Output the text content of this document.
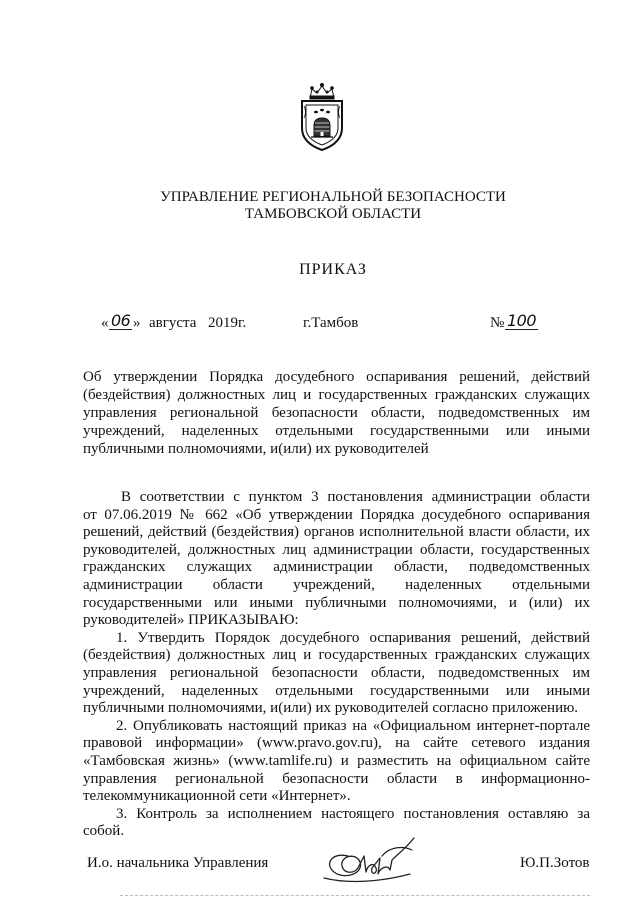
УПРАВЛЕНИЕ РЕГИОНАЛЬНОЙ БЕЗОПАСНОСТИ
ТАМБОВСКОЙ ОБЛАСТИ
ПРИКАЗ
« 06 » августа 2019г.	г.Тамбов	№ 100
Об утверждении Порядка досудебного оспаривания решений, действий
(бездействия) должностных лиц и государственных гражданских служащих
управления региональной безопасности области, подведомственных им
учреждений, наделенных отдельными государственными или иными
публичными полномочиями, и(или) их руководителей
В соответствии с пунктом 3 постановления администрации области
от 07.06.2019 № 662 «Об утверждении Порядка досудебного оспаривания
решений, действий (бездействия) органов исполнительной власти области, их
руководителей, должностных лиц администрации области, государственных
гражданских служащих администрации области, подведомственных
администрации области учреждений, наделенных отдельными
государственными или иными публичными полномочиями, и (или) их
руководителей» ПРИКАЗЫВАЮ:
1. Утвердить Порядок досудебного оспаривания решений, действий
(бездействия) должностных лиц и государственных гражданских служащих
управления региональной безопасности области, подведомственных им
учреждений, наделенных отдельными государственными или иными
публичными полномочиями, и(или) их руководителей согласно приложению.
2. Опубликовать настоящий приказ на «Официальном интернет-портале
правовой информации» (www.pravo.gov.ru), на сайте сетевого издания
«Тамбовская жизнь» (www.tamlife.ru) и разместить на официальном сайте
управления региональной безопасности области в информационно-
телекоммуникационной сети «Интернет».
3. Контроль за исполнением настоящего постановления оставляю за
собой.
И.о. начальника Управления	Ю.П.Зотов
